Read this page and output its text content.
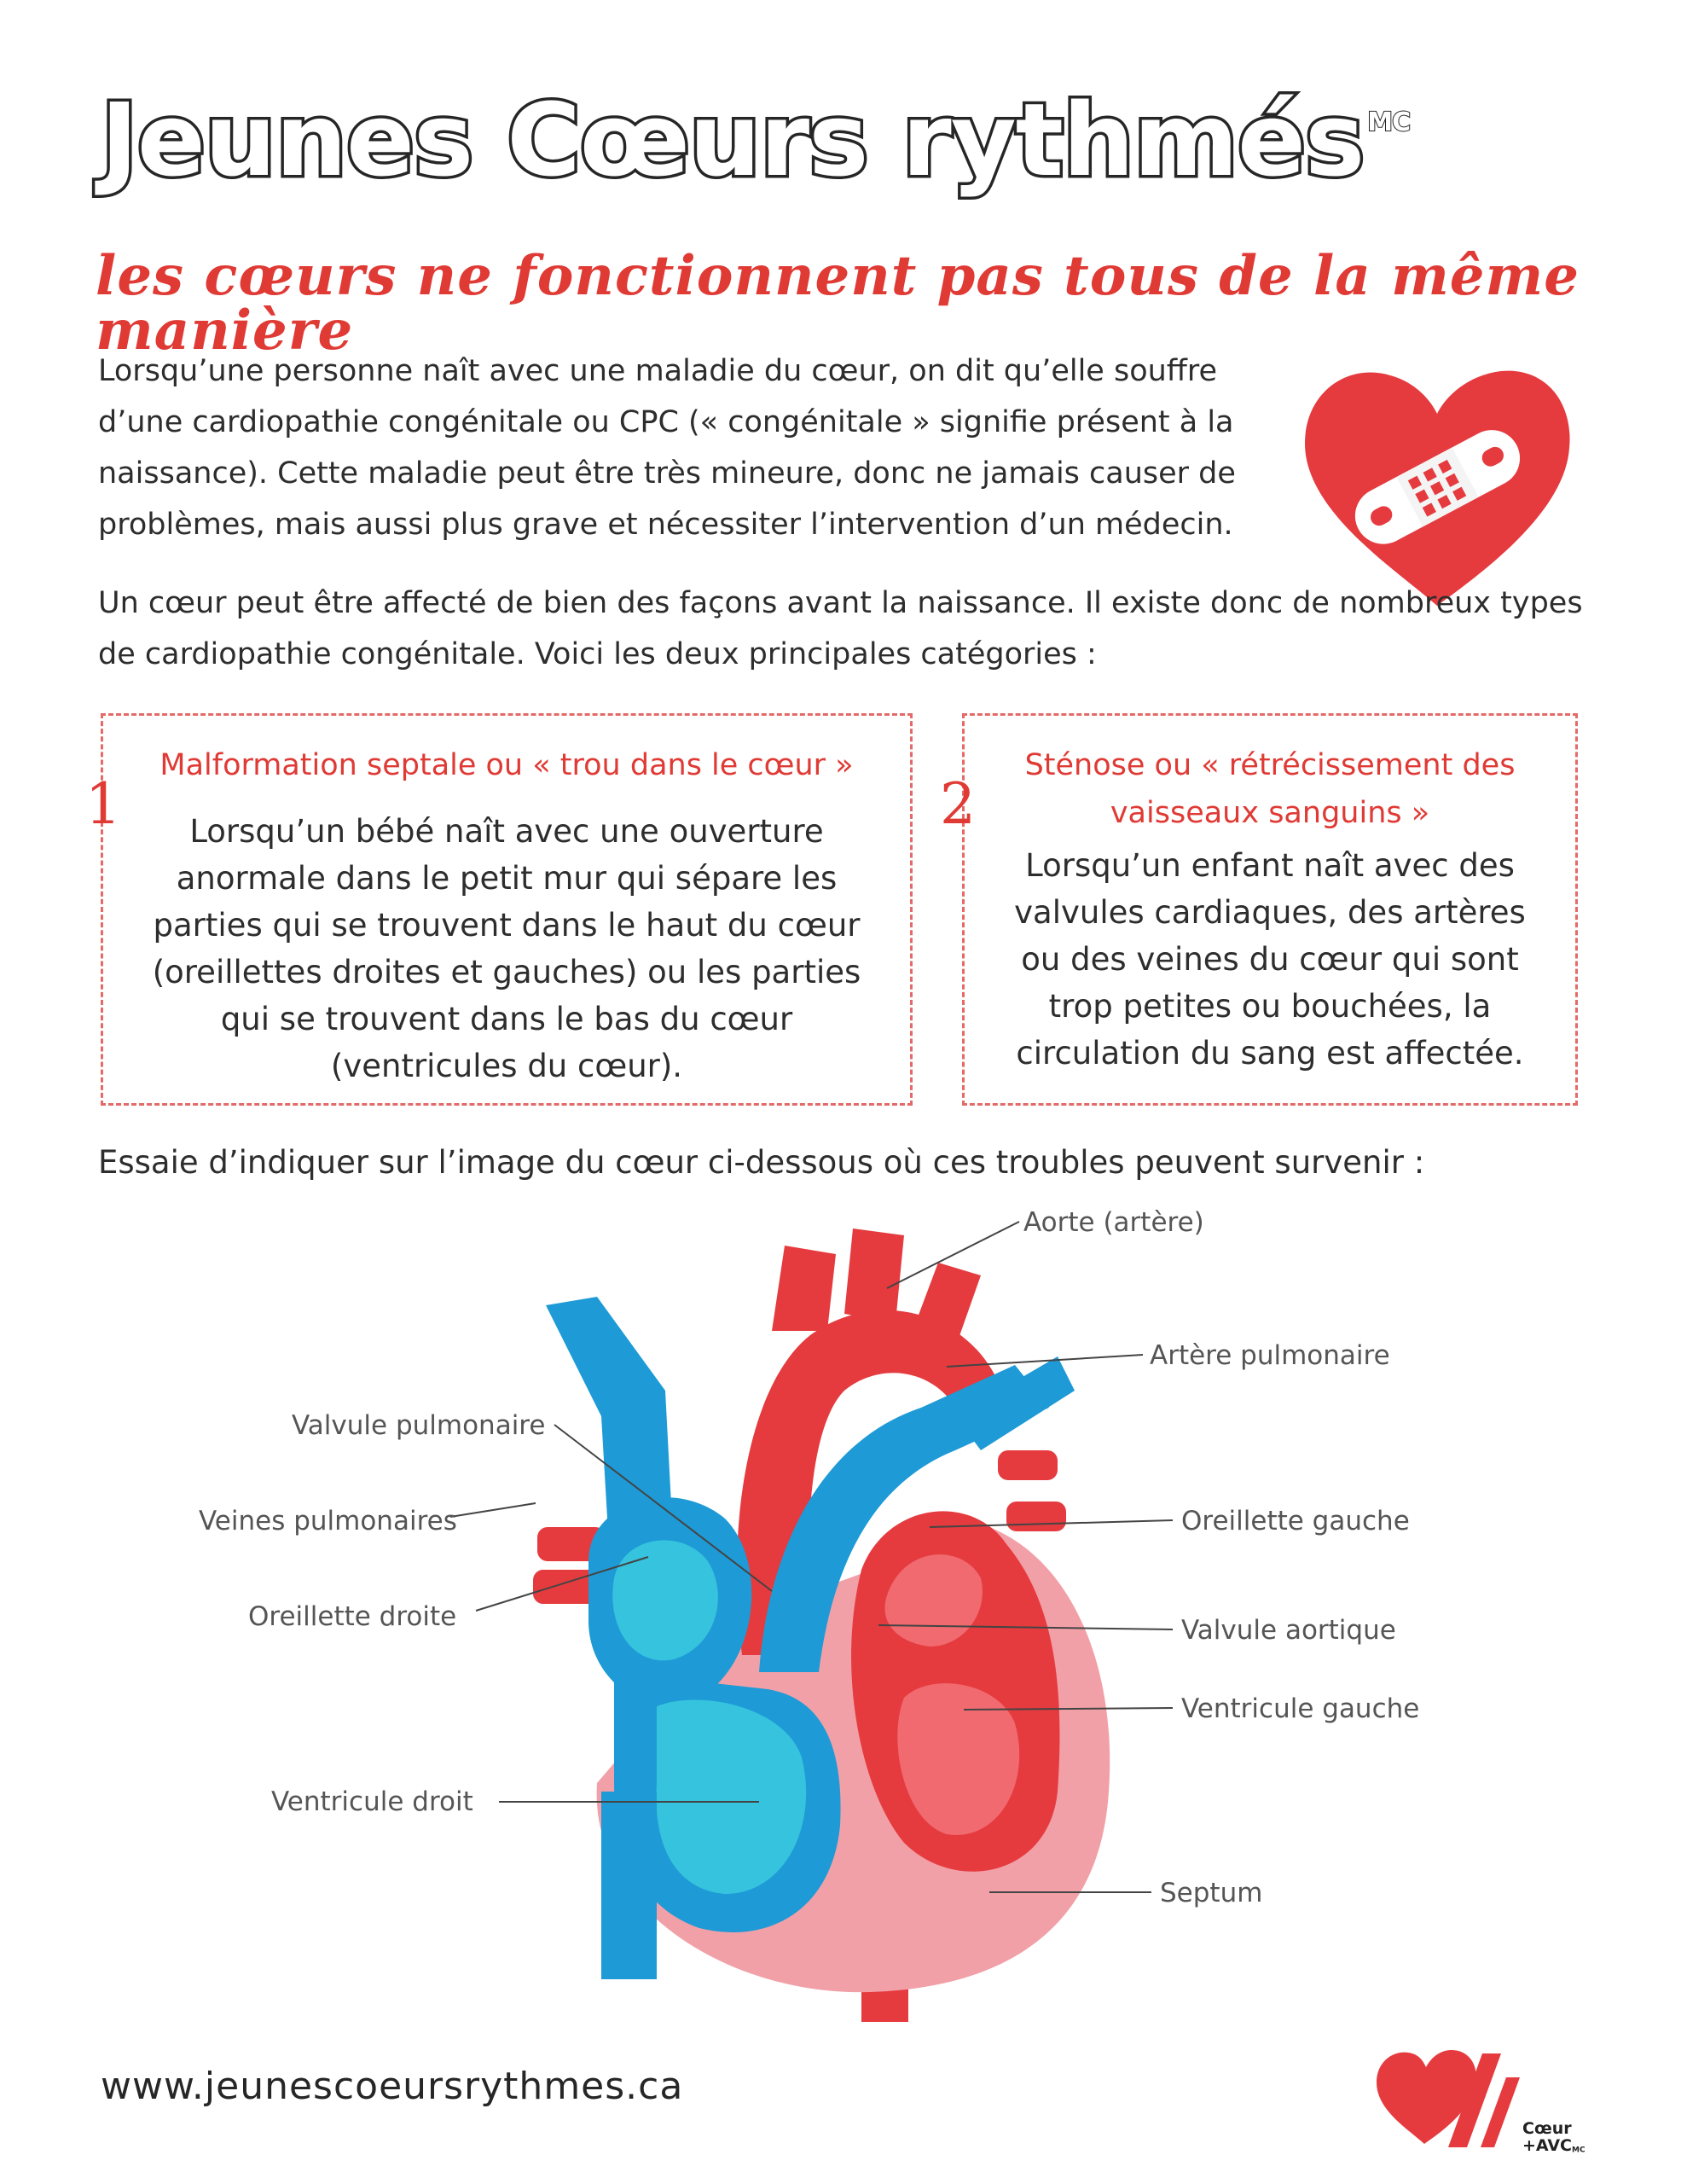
Jeunes Cœurs rythmés $^{MC}$
les cœurs ne fonctionnent pas tous de la même manière

Lorsqu’une personne naît avec une maladie du cœur, on dit qu’elle souffre d’une cardiopathie congénitale ou CPC (« congénitale » signifie présent à la naissance). Cette maladie peut être très mineure, donc ne jamais causer de problèmes, mais aussi plus grave et nécessiter l’intervention d’un médecin.

Un cœur peut être affecté de bien des façons avant la naissance. Il existe donc de nombreux types de cardiopathie congénitale. Voici les deux principales catégories :

Malformation septale ou « trou dans le cœur »

Lorsqu’un bébé naît avec une ouverture anormale dans le petit mur qui sépare les parties qui se trouvent dans le haut du cœur (oreillettes droites et gauches) ou les parties qui se trouvent dans le bas du cœur (ventricules du cœur).

1

Sténose ou « rétrécissement des vaisseaux sanguins »

Lorsqu’un enfant naît avec des valvules cardiaques, des artères ou des veines du cœur qui sont trop petites ou bouchées, la circulation du sang est affectée.

2

Essaie d’indiquer sur l’image du cœur ci-dessous où ces troubles peuvent survenir :

Aorte (artère)
Artère pulmonaire
Valvule pulmonaire
Veines pulmonaires
Oreillette droite
Ventricule droit
Oreillette gauche
Valvule aortique
Ventricule gauche
Septum

www.jeunescoeursrythmes.ca

Cœur
+AVCMC
